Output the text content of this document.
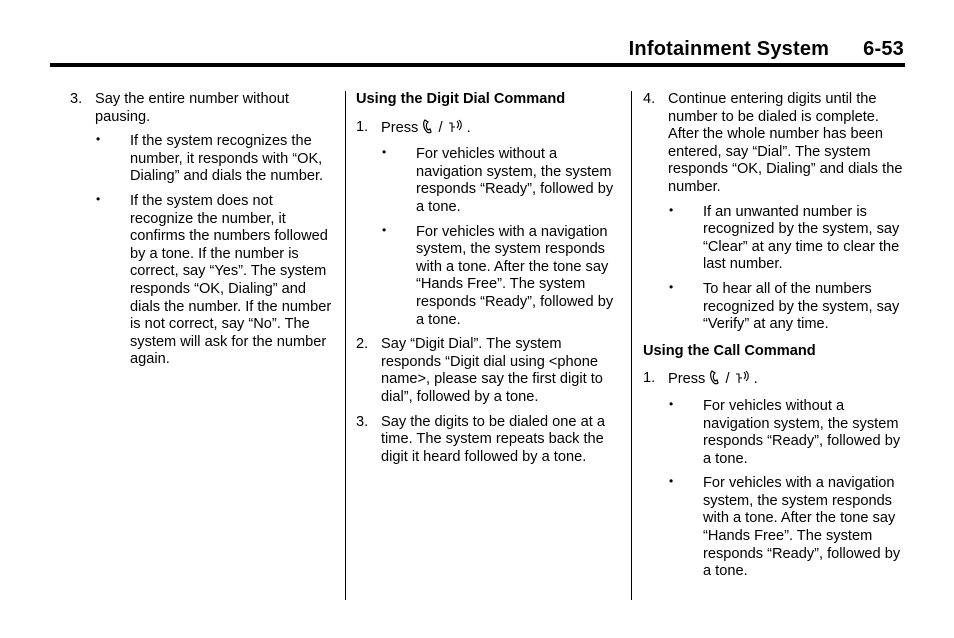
Infotainment System 6-53
3. Say the entire number without pausing.
• If the system recognizes the number, it responds with “OK, Dialing” and dials the number.
• If the system does not recognize the number, it confirms the numbers followed by a tone. If the number is correct, say “Yes”. The system responds “OK, Dialing” and dials the number. If the number is not correct, say “No”. The system will ask for the number again.
Using the Digit Dial Command
1. Press / .
• For vehicles without a navigation system, the system responds “Ready”, followed by a tone.
• For vehicles with a navigation system, the system responds with a tone. After the tone say “Hands Free”. The system responds “Ready”, followed by a tone.
2. Say “Digit Dial”. The system responds “Digit dial using <phone name>, please say the first digit to dial”, followed by a tone.
3. Say the digits to be dialed one at a time. The system repeats back the digit it heard followed by a tone.
4. Continue entering digits until the number to be dialed is complete. After the whole number has been entered, say “Dial”. The system responds “OK, Dialing” and dials the number.
• If an unwanted number is recognized by the system, say “Clear” at any time to clear the last number.
• To hear all of the numbers recognized by the system, say “Verify” at any time.
Using the Call Command
1. Press / .
• For vehicles without a navigation system, the system responds “Ready”, followed by a tone.
• For vehicles with a navigation system, the system responds with a tone. After the tone say “Hands Free”. The system responds “Ready”, followed by a tone.
